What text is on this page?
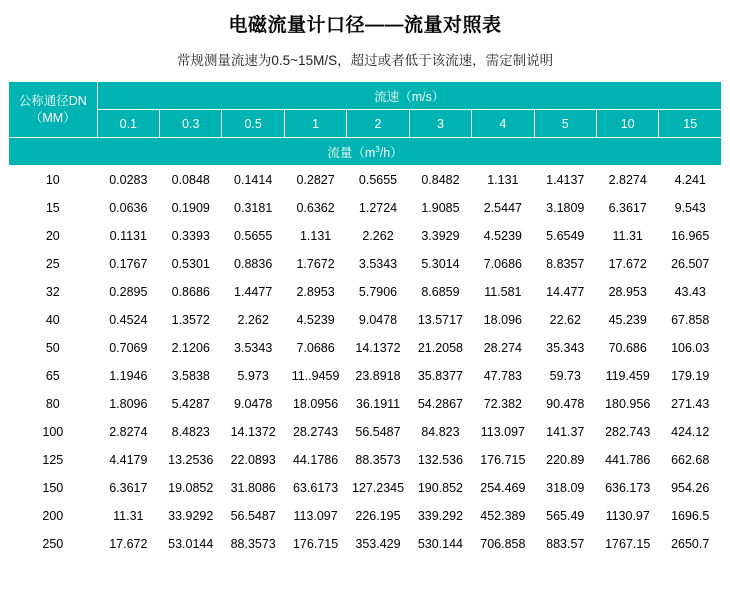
电磁流量计口径——流量对照表
常规测量流速为0.5~15M/S，超过或者低于该流速，需定制说明
公称通径DN
（MM）	流速（m/s）									
	0.1	0.3	0.5	1	2	3	4	5	10	15
流量$(m^3/h)$										
10	0.0283	0.0848	0.1414	0.2827	0.5655	0.8482	1.131	1.4137	2.8274	4.241
15	0.0636	0.1909	0.3181	0.6362	1.2724	1.9085	2.5447	3.1809	6.3617	9.543
20	0.1131	0.3393	0.5655	1.131	2.262	3.3929	4.5239	5.6549	11.31	16.965
25	0.1767	0.5301	0.8836	1.7672	3.5343	5.3014	7.0686	8.8357	17.672	26.507
32	0.2895	0.8686	1.4477	2.8953	5.7906	8.6859	11.581	14.477	28.953	43.43
40	0.4524	1.3572	2.262	4.5239	9.0478	13.5717	18.096	22.62	45.239	67.858
50	0.7069	2.1206	3.5343	7.0686	14.1372	21.2058	28.274	35.343	70.686	106.03
65	1.1946	3.5838	5.973	11..9459	23.8918	35.8377	47.783	59.73	119.459	179.19
80	1.8096	5.4287	9.0478	18.0956	36.1911	54.2867	72.382	90.478	180.956	271.43
100	2.8274	8.4823	14.1372	28.2743	56.5487	84.823	113.097	141.37	282.743	424.12
125	4.4179	13.2536	22.0893	44.1786	88.3573	132.536	176.715	220.89	441.786	662.68
150	6.3617	19.0852	31.8086	63.6173	127.2345	190.852	254.469	318.09	636.173	954.26
200	11.31	33.9292	56.5487	113.097	226.195	339.292	452.389	565.49	1130.97	1696.5
250	17.672	53.0144	88.3573	176.715	353.429	530.144	706.858	883.57	1767.15	2650.7
